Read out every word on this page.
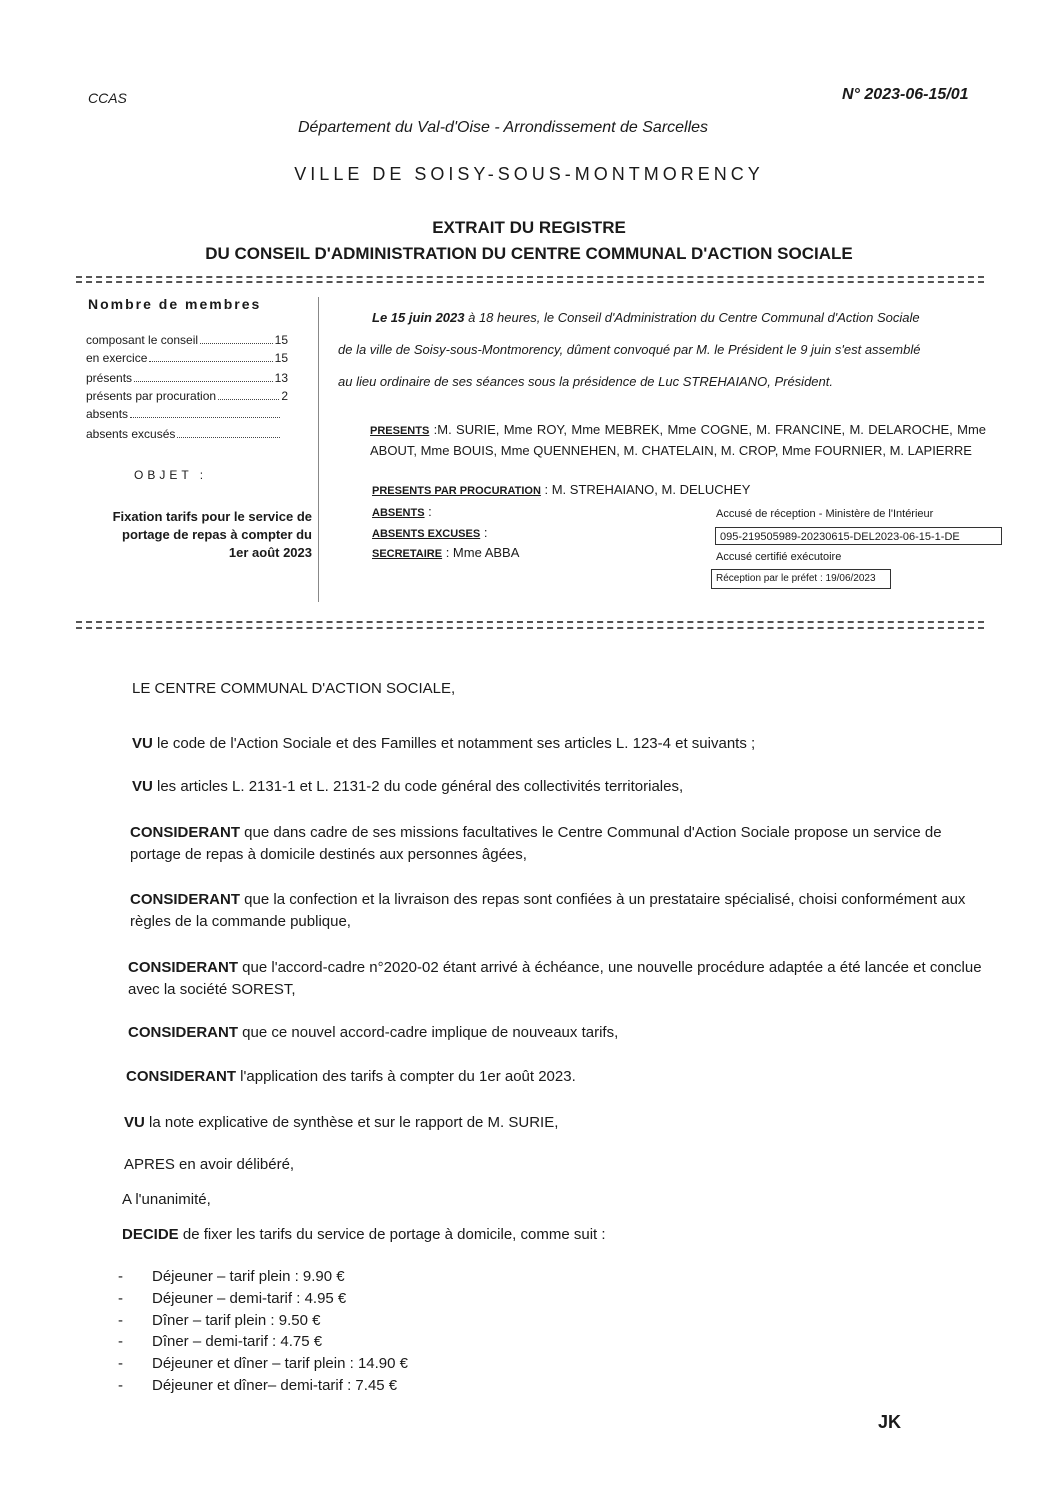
CCAS	N° 2023-06-15/01
Département du Val-d'Oise - Arrondissement de Sarcelles
VILLE DE SOISY-SOUS-MONTMORENCY
EXTRAIT DU REGISTRE
DU CONSEIL D'ADMINISTRATION DU CENTRE COMMUNAL D'ACTION SOCIALE
Nombre de membres
composant le conseil	15
en exercice	15
présents	13
présents par procuration	2
absents
absents excusés
OBJET :
Fixation tarifs pour le service de
portage de repas à compter du
1er août 2023
Le 15 juin 2023 à 18 heures, le Conseil d'Administration du Centre Communal d'Action Sociale
de la ville de Soisy-sous-Montmorency, dûment convoqué par M. le Président le 9 juin s'est assemblé
au lieu ordinaire de ses séances sous la présidence de Luc STREHAIANO, Président.
PRESENTS :M. SURIE, Mme ROY, Mme MEBREK, Mme COGNE, M. FRANCINE, M. DELAROCHE, Mme ABOUT, Mme BOUIS, Mme QUENNEHEN, M. CHATELAIN, M. CROP, Mme FOURNIER, M. LAPIERRE
PRESENTS PAR PROCURATION : M. STREHAIANO, M. DELUCHEY
ABSENTS :
ABSENTS EXCUSES :
SECRETAIRE : Mme ABBA
Accusé de réception - Ministère de l'Intérieur
095-219505989-20230615-DEL2023-06-15-1-DE
Accusé certifié exécutoire
Réception par le préfet : 19/06/2023
LE CENTRE COMMUNAL D'ACTION SOCIALE,
VU le code de l'Action Sociale et des Familles et notamment ses articles L. 123-4 et suivants ;
VU les articles L. 2131-1 et L. 2131-2 du code général des collectivités territoriales,
CONSIDERANT que dans cadre de ses missions facultatives le Centre Communal d'Action Sociale propose un service de portage de repas à domicile destinés aux personnes âgées,
CONSIDERANT que la confection et la livraison des repas sont confiées à un prestataire spécialisé, choisi conformément aux règles de la commande publique,
CONSIDERANT que l'accord-cadre n°2020-02 étant arrivé à échéance, une nouvelle procédure adaptée a été lancée et conclue avec la société SOREST,
CONSIDERANT que ce nouvel accord-cadre implique de nouveaux tarifs,
CONSIDERANT l'application des tarifs à compter du 1er août 2023.
VU la note explicative de synthèse et sur le rapport de M. SURIE,
APRES en avoir délibéré,
A l'unanimité,
DECIDE de fixer les tarifs du service de portage à domicile, comme suit :
- Déjeuner – tarif plein : 9.90 €
- Déjeuner – demi-tarif : 4.95 €
- Dîner – tarif plein : 9.50 €
- Dîner – demi-tarif : 4.75 €
- Déjeuner et dîner – tarif plein : 14.90 €
- Déjeuner et dîner– demi-tarif : 7.45 €
JK
